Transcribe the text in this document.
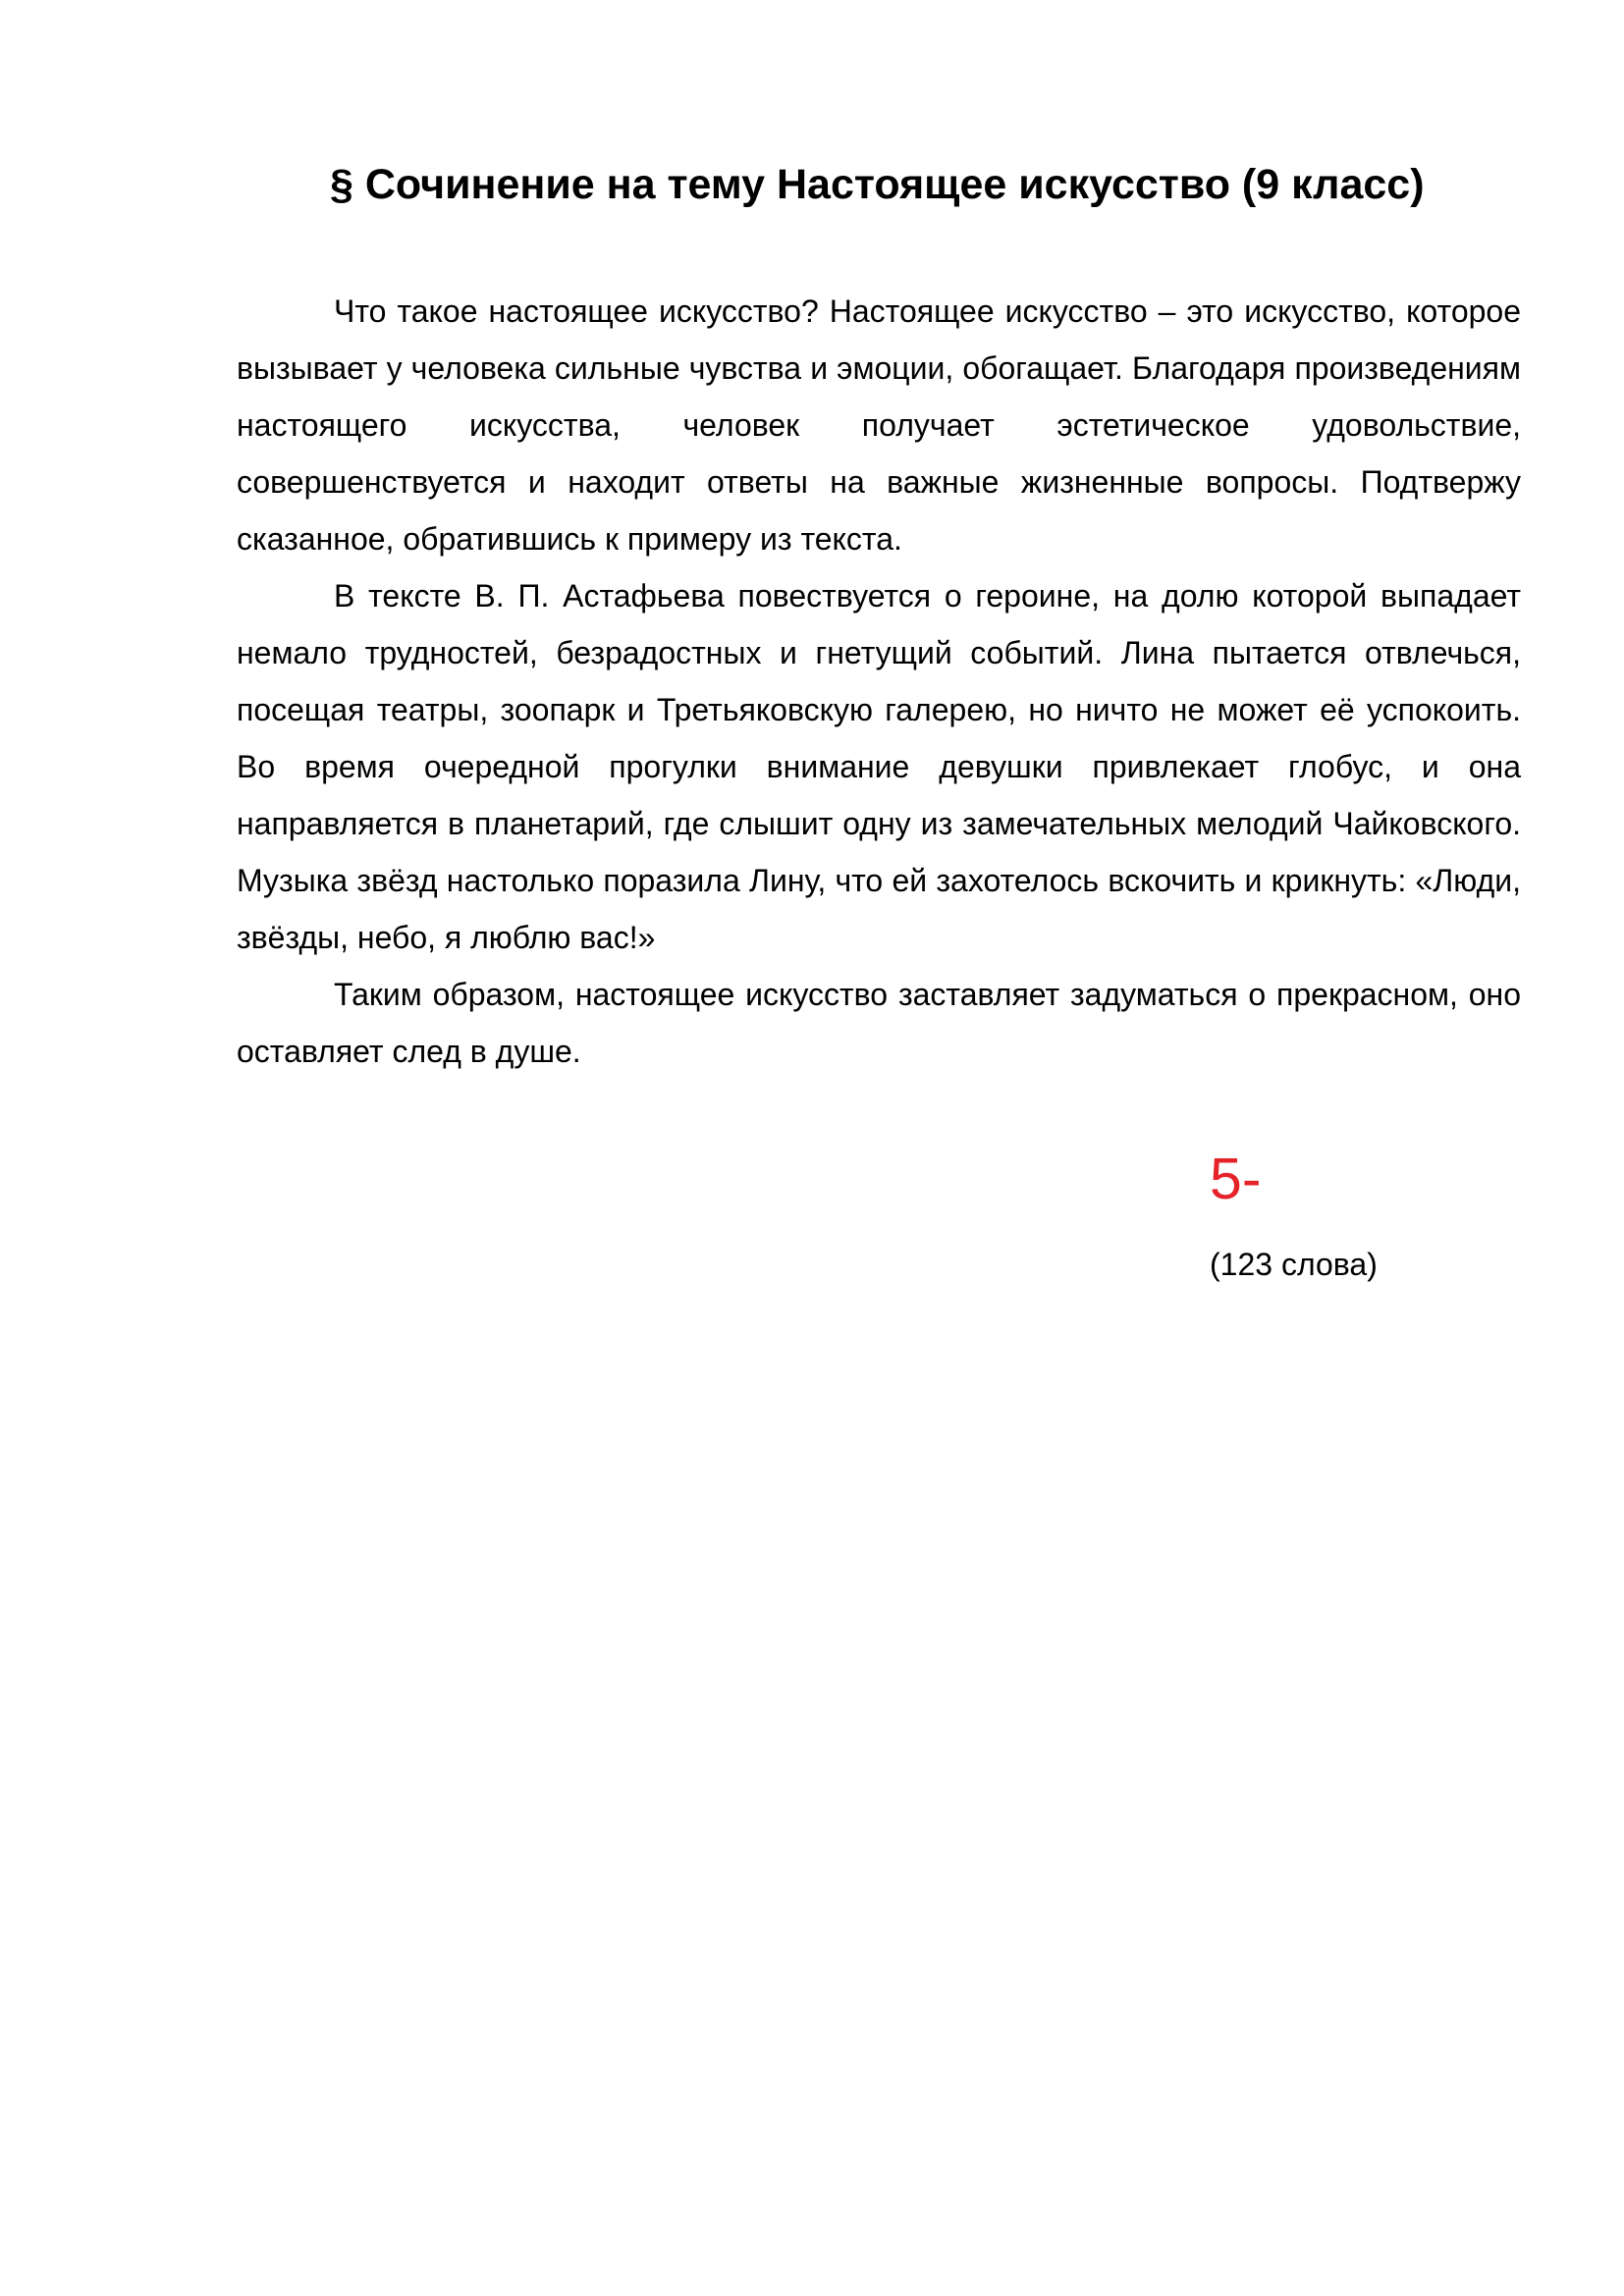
§ Сочинение на тему Настоящее искусство (9 класс)

Что такое настоящее искусство? Настоящее искусство – это искусство, которое вызывает у человека сильные чувства и эмоции, обогащает. Благодаря произведениям настоящего искусства, человек получает эстетическое удовольствие, совершенствуется и находит ответы на важные жизненные вопросы. Подтвержу сказанное, обратившись к примеру из текста.

В тексте В. П. Астафьева повествуется о героине, на долю которой выпадает немало трудностей, безрадостных и гнетущий событий. Лина пытается отвлечься, посещая театры, зоопарк и Третьяковскую галерею, но ничто не может её успокоить. Во время очередной прогулки внимание девушки привлекает глобус, и она направляется в планетарий, где слышит одну из замечательных мелодий Чайковского. Музыка звёзд настолько поразила Лину, что ей захотелось вскочить и крикнуть: «Люди, звёзды, небо, я люблю вас!»

Таким образом, настоящее искусство заставляет задуматься о прекрасном, оно оставляет след в душе.

5-
(123 слова)
